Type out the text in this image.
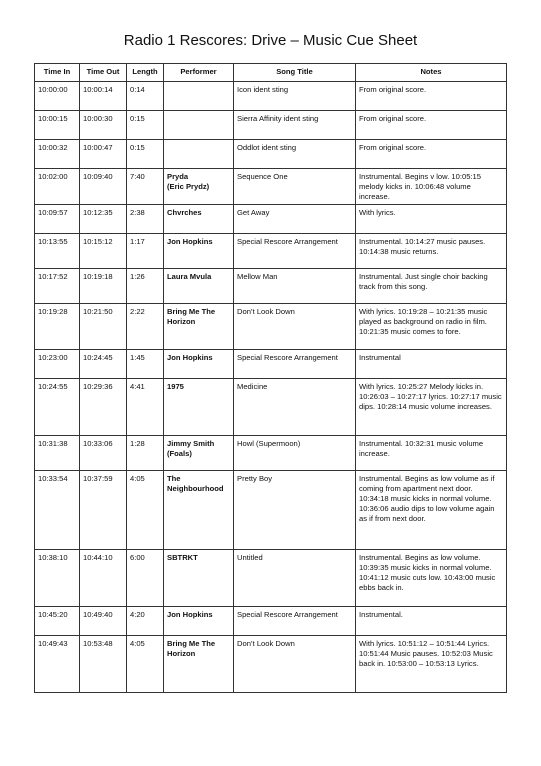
Radio 1 Rescores: Drive – Music Cue Sheet
Time In	Time Out	Length	Performer	Song Title	Notes
10:00:00	10:00:14	0:14		Icon ident sting	From original score.
10:00:15	10:00:30	0:15		Sierra Affinity ident sting	From original score.
10:00:32	10:00:47	0:15		Oddlot ident sting	From original score.
10:02:00	10:09:40	7:40	Pryda
(Eric Prydz)	Sequence One	Instrumental. Begins v low. 10:05:15 melody kicks in. 10:06:48 volume increase.
10:09:57	10:12:35	2:38	Chvrches	Get Away	With lyrics.
10:13:55	10:15:12	1:17	Jon Hopkins	Special Rescore Arrangement	Instrumental. 10:14:27 music pauses. 10:14:38 music returns.
10:17:52	10:19:18	1:26	Laura Mvula	Mellow Man	Instrumental. Just single choir backing track from this song.
10:19:28	10:21:50	2:22	Bring Me The Horizon	Don’t Look Down	With lyrics. 10:19:28 – 10:21:35 music played as background on radio in film. 10:21:35 music comes to fore.
10:23:00	10:24:45	1:45	Jon Hopkins	Special Rescore Arrangement	Instrumental
10:24:55	10:29:36	4:41	1975	Medicine	With lyrics. 10:25:27 Melody kicks in. 10:26:03 – 10:27:17 lyrics. 10:27:17 music dips. 10:28:14 music volume increases.
10:31:38	10:33:06	1:28	Jimmy Smith
(Foals)	Howl (Supermoon)	Instrumental. 10:32:31 music volume increase.
10:33:54	10:37:59	4:05	The Neighbourhood	Pretty Boy	Instrumental. Begins as low volume as if coming from apartment next door. 10:34:18 music kicks in normal volume. 10:36:06 audio dips to low volume again as if from next door.
10:38:10	10:44:10	6:00	SBTRKT	Untitled	Instrumental. Begins as low volume. 10:39:35 music kicks in normal volume. 10:41:12 music cuts low. 10:43:00 music ebbs back in.
10:45:20	10:49:40	4:20	Jon Hopkins	Special Rescore Arrangement	Instrumental.
10:49:43	10:53:48	4:05	Bring Me The Horizon	Don’t Look Down	With lyrics. 10:51:12 – 10:51:44 Lyrics. 10:51:44 Music pauses. 10:52:03 Music back in. 10:53:00 – 10:53:13 Lyrics.
